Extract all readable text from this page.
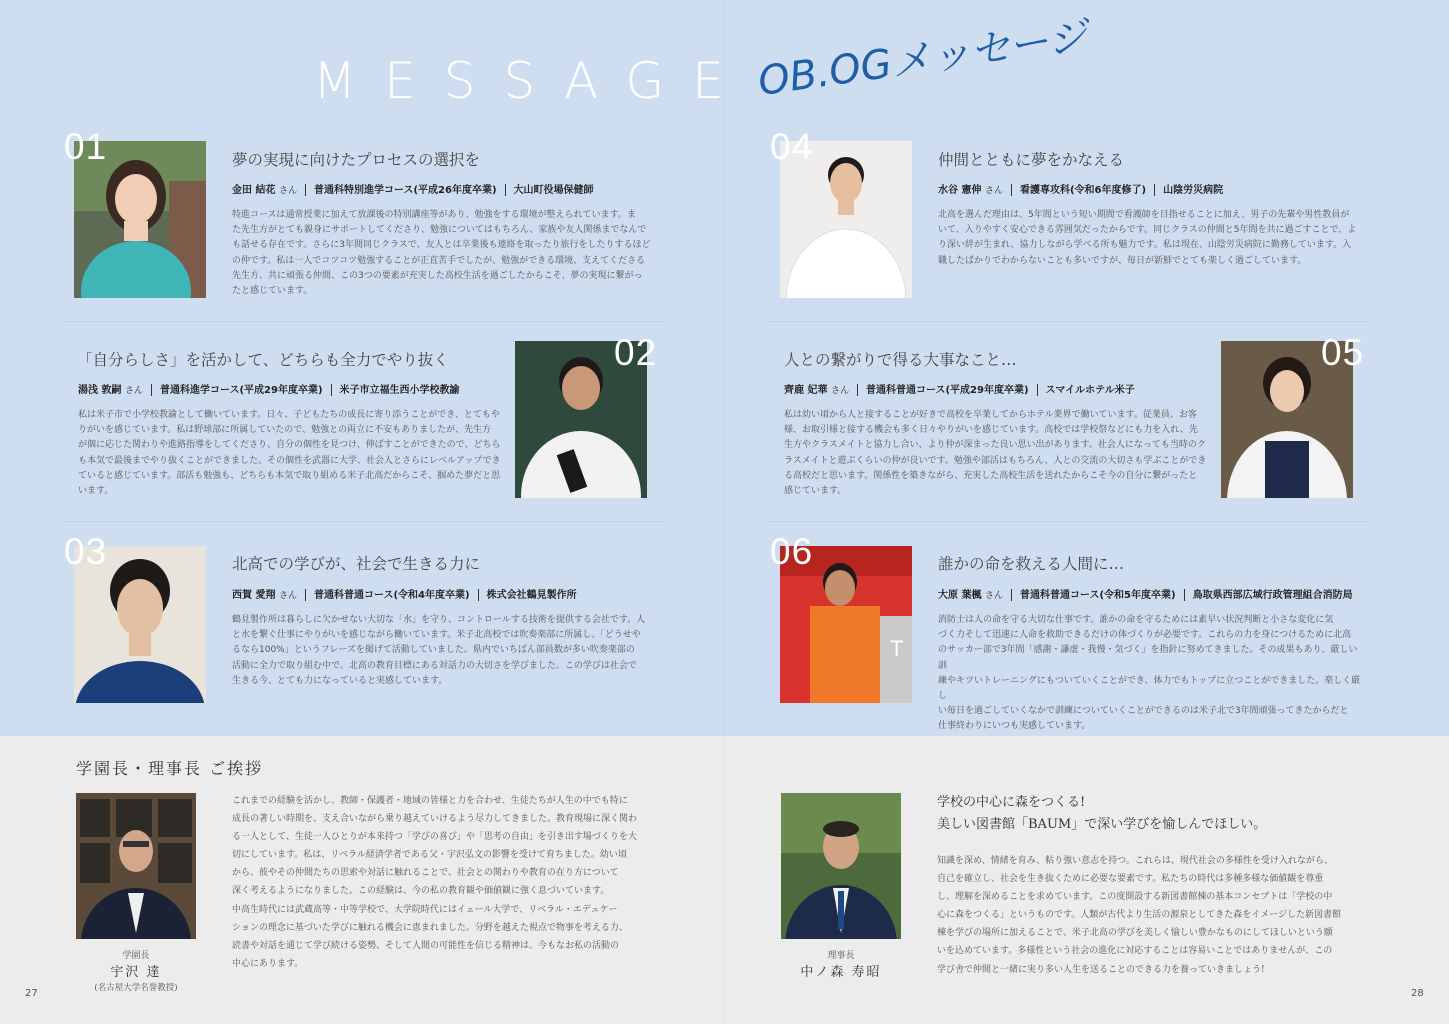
MESSAGE OB.OGメッセージ
01	夢の実現に向けたプロセスの選択を
金田 結花 さん 普通科特別進学コース(平成26年度卒業) 大山町役場保健師
特進コースは通常授業に加えて放課後の特別講座等があり、勉強をする環境が整えられています。ま
た先生方がとても親身にサポートしてくださり、勉強についてはもちろん、家族や友人関係までなんで
も話せる存在です。さらに3年間同じクラスで、友人とは卒業後も連絡を取ったり旅行をしたりするほど
の仲です。私は一人でコツコツ勉強することが正直苦手でしたが、勉強ができる環境、支えてくださる
先生方、共に頑張る仲間、この3つの要素が充実した高校生活を過ごしたからこそ、夢の実現に繋がっ
たと感じています。
「自分らしさ」を活かして、どちらも全力でやり抜く
湯浅 敦嗣 さん 普通科進学コース(平成29年度卒業) 米子市立福生西小学校教諭
私は米子市で小学校教諭として働いています。日々、子どもたちの成長に寄り添うことができ、とてもや
りがいを感じています。私は野球部に所属していたので、勉強との両立に不安もありましたが、先生方
が個に応じた関わりや進路指導をしてくださり、自分の個性を見つけ、伸ばすことができたので、どちら
も本気で最後までやり抜くことができました。その個性を武器に大学、社会人とさらにレベルアップでき
ていると感じています。部活も勉強も、どちらも本気で取り組める米子北高だからこそ、掴めた夢だと思
います。
02
03	北高での学びが、社会で生きる力に
西賀 愛翔 さん 普通科普通コース(令和4年度卒業) 株式会社鶴見製作所
鶴見製作所は暮らしに欠かせない大切な「水」を守り、コントロールする技術を提供する会社です。人
と水を繋ぐ仕事にやりがいを感じながら働いています。米子北高校では吹奏楽部に所属し、「どうせや
るなら100%」というフレーズを掲げて活動していました。県内でいちばん部員数が多い吹奏楽部の
活動に全力で取り組む中で、北高の教育目標にある対話力の大切さを学びました。この学びは社会で
生きる今、とても力になっていると実感しています。
04	仲間とともに夢をかなえる
水谷 憲伸 さん 看護専攻科(令和6年度修了) 山陰労災病院
北高を選んだ理由は、5年間という短い期間で看護師を目指せることに加え、男子の先輩や男性教員が
いて、入りやすく安心できる雰囲気だったからです。同じクラスの仲間と5年間を共に過ごすことで、よ
り深い絆が生まれ、協力しながら学べる所も魅力です。私は現在、山陰労災病院に勤務しています。入
職したばかりでわからないことも多いですが、毎日が新鮮でとても楽しく過ごしています。
人との繋がりで得る大事なこと…
齊鹿 妃華 さん 普通科普通コース(平成29年度卒業) スマイルホテル米子
私は幼い頃から人と接することが好きで高校を卒業してからホテル業界で働いています。従業員、お客
様、お取引様と接する機会も多く日々やりがいを感じています。高校では学校祭などにも力を入れ、先
生方やクラスメイトと協力し合い、より仲が深まった良い思い出があります。社会人になっても当時のク
ラスメイトと遊ぶくらいの仲が良いです。勉強や部活はもちろん、人との交流の大切さも学ぶことができ
る高校だと思います。関係性を築きながら、充実した高校生活を送れたからこそ今の自分に繋がったと
感じています。
05
T
06	誰かの命を救える人間に…
大原 葉楓 さん 普通科普通コース(令和5年度卒業) 鳥取県西部広域行政管理組合消防局
消防士は人の命を守る大切な仕事です。誰かの命を守るためには素早い状況判断と小さな変化に気
づく力そして迅速に人命を救助できるだけの体づくりが必要です。これらの力を身につけるために北高
のサッカー部で3年間「感謝・謙虚・我慢・気づく」を指針に努めてきました。その成果もあり、厳しい訓
練やキツいトレーニングにもついていくことができ、体力でもトップに立つことができました。楽しく厳し
い毎日を過ごしていくなかで訓練についていくことができるのは米子北で3年間頑張ってきたからだと
仕事終わりにいつも実感しています。
学園長・理事長 ご挨拶
学園長
宇沢 達
(名古屋大学名誉教授)
これまでの経験を活かし、教師・保護者・地域の皆様と力を合わせ、生徒たちが人生の中でも特に
成長の著しい時期を、支え合いながら乗り越えていけるよう尽力してきました。教育現場に深く関わ
る一人として、生徒一人ひとりが本来持つ「学びの喜び」や「思考の自由」を引き出す場づくりを大
切にしています。私は、リベラル経済学者である父・宇沢弘文の影響を受けて育ちました。幼い頃
から、彼やその仲間たちの思索や対話に触れることで、社会との関わりや教育の在り方について
深く考えるようになりました。この経験は、今の私の教育観や価値観に強く息づいています。
中高生時代には武蔵高等・中等学校で、大学院時代にはイェール大学で、リベラル・エデュケー
ションの理念に基づいた学びに触れる機会に恵まれました。分野を越えた視点で物事を考える力、
読書や対話を通じて学び続ける姿勢、そして人間の可能性を信じる精神は、今もなお私の活動の
中心にあります。
理事長
中ノ森 寿昭
学校の中心に森をつくる!
美しい図書館「BAUM」で深い学びを愉しんでほしい。
知識を深め、情緒を育み、粘り強い意志を持つ。これらは、現代社会の多様性を受け入れながら、
自己を確立し、社会を生き抜くために必要な要素です。私たちの時代は多種多様な価値観を尊重
し、理解を深めることを求めています。この度開設する新図書館棟の基本コンセプトは「学校の中
心に森をつくる」というものです。人類が古代より生活の源泉としてきた森をイメージした新図書館
棟を学びの場所に加えることで、米子北高の学びを美しく愉しい豊かなものにしてほしいという願
いを込めています。多様性という社会の進化に対応することは容易いことではありませんが、この
学び舎で仲間と一緒に実り多い人生を送ることのできる力を養っていきましょう!
27	28
